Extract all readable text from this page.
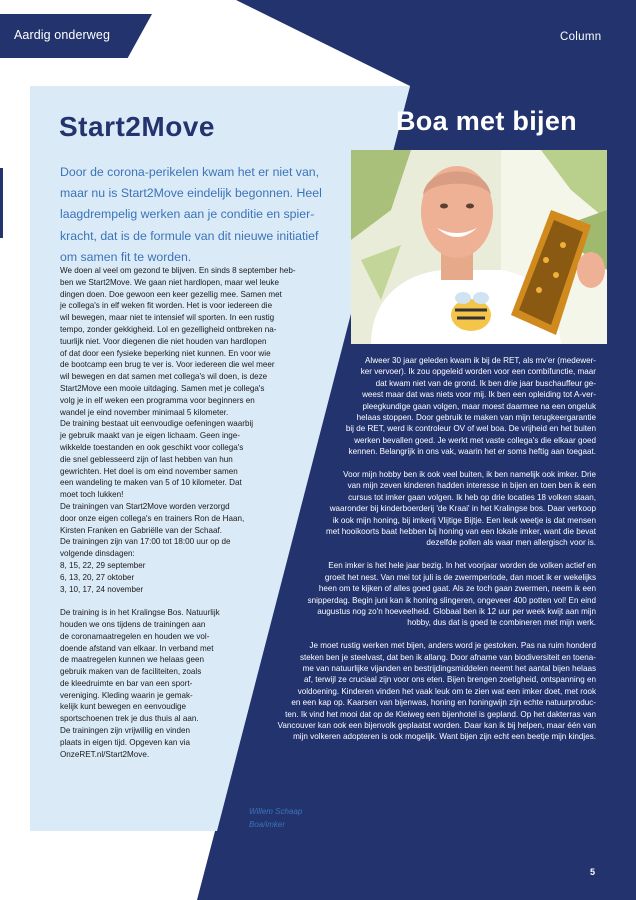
Aardig onderweg	Column
Start2Move

Door de corona-perikelen kwam het er niet van, maar nu is Start2Move eindelijk begonnen. Heel laagdrempelig werken aan je conditie en spier-kracht, dat is de formule van dit nieuwe initiatief om samen fit te worden.

We doen al veel om gezond te blijven. En sinds 8 september heb-
ben we Start2Move. We gaan niet hardlopen, maar wel leuke
dingen doen. Doe gewoon een keer gezellig mee. Samen met
je collega's in elf weken fit worden. Het is voor iedereen die
wil bewegen, maar niet te intensief wil sporten. In een rustig
tempo, zonder gekkigheid. Lol en gezelligheid ontbreken na-
tuurlijk niet. Voor diegenen die niet houden van hardlopen
of dat door een fysieke beperking niet kunnen. En voor wie
de bootcamp een brug te ver is. Voor iedereen die wel meer
wil bewegen en dat samen met collega's wil doen, is deze
Start2Move een mooie uitdaging. Samen met je collega's
volg je in elf weken een programma voor beginners en
wandel je eind november minimaal 5 kilometer.
De training bestaat uit eenvoudige oefeningen waarbij
je gebruik maakt van je eigen lichaam. Geen inge-
wikkelde toestanden en ook geschikt voor collega's
die snel geblesseerd zijn of last hebben van hun
gewrichten. Het doel is om eind november samen
een wandeling te maken van 5 of 10 kilometer. Dat
moet toch lukken!
De trainingen van Start2Move worden verzorgd
door onze eigen collega's en trainers Ron de Haan,
Kirsten Franken en Gabriëlle van der Schaaf.
De trainingen zijn van 17:00 tot 18:00 uur op de
volgende dinsdagen:
8, 15, 22, 29 september
6, 13, 20, 27 oktober
3, 10, 17, 24 november
De training is in het Kralingse Bos. Natuurlijk
houden we ons tijdens de trainingen aan
de coronamaatregelen en houden we vol-
doende afstand van elkaar. In verband met
de maatregelen kunnen we helaas geen
gebruik maken van de faciliteiten, zoals
de kleedruimte en bar van een sport-
vereniging. Kleding waarin je gemak-
kelijk kunt bewegen en eenvoudige
sportschoenen trek je dus thuis al aan.
De trainingen zijn vrijwillig en vinden
plaats in eigen tijd. Opgeven kan via
OnzeRET.nl/Start2Move.
Boa met bijen
Alweer 30 jaar geleden kwam ik bij de RET, als mv'er (medewer-
ker vervoer). Ik zou opgeleid worden voor een combifunctie, maar
dat kwam niet van de grond. Ik ben drie jaar buschauffeur ge-
weest maar dat was niets voor mij. Ik ben een opleiding tot A-ver-
pleegkundige gaan volgen, maar moest daarmee na een ongeluk
helaas stoppen. Door gebruik te maken van mijn terugkeergarantie
bij de RET, werd ik controleur OV of wel boa. De vrijheid en het buiten
werken bevallen goed. Je werkt met vaste collega's die elkaar goed
kennen. Belangrijk in ons vak, waarin het er soms heftig aan toegaat.
Voor mijn hobby ben ik ook veel buiten, ik ben namelijk ook imker. Drie
van mijn zeven kinderen hadden interesse in bijen en toen ben ik een
cursus tot imker gaan volgen. Ik heb op drie locaties 18 volken staan,
waaronder bij kinderboerderij 'de Kraai' in het Kralingse bos. Daar verkoop
ik ook mijn honing, bij imkerij Vlijtige Bijtje. Een leuk weetje is dat mensen
met hooikoorts baat hebben bij honing van een lokale imker, want die bevat
dezelfde pollen als waar men allergisch voor is.
Een imker is het hele jaar bezig. In het voorjaar worden de volken actief en
groeit het nest. Van mei tot juli is de zwermperiode, dan moet ik er wekelijks
heen om te kijken of alles goed gaat. Als ze toch gaan zwermen, neem ik een
snipperdag. Begin juni kan ik honing slingeren, ongeveer 400 potten vol! En eind
augustus nog zo'n hoeveelheid. Globaal ben ik 12 uur per week kwijt aan mijn
hobby, dus dat is goed te combineren met mijn werk.
Je moet rustig werken met bijen, anders word je gestoken. Pas na ruim honderd
steken ben je steelvast, dat ben ik allang. Door afname van biodiversiteit en toena-
me van natuurlijke vijanden en bestrijdingsmiddelen neemt het aantal bijen helaas
af, terwijl ze cruciaal zijn voor ons eten. Bijen brengen zoetigheid, ontspanning en
voldoening. Kinderen vinden het vaak leuk om te zien wat een imker doet, met rook
en een kap op. Kaarsen van bijenwas, honing en honingwijn zijn echte natuurproduc-
ten. Ik vind het mooi dat op de Kleiweg een bijenhotel is gepland. Op het dakterras van
Vancouver kan ook een bijenvolk geplaatst worden. Daar kan ik bij helpen, maar één van
mijn volkeren adopteren is ook mogelijk. Want bijen zijn echt een beetje mijn kindjes.
Willem Schaap
Boa/imker
5
